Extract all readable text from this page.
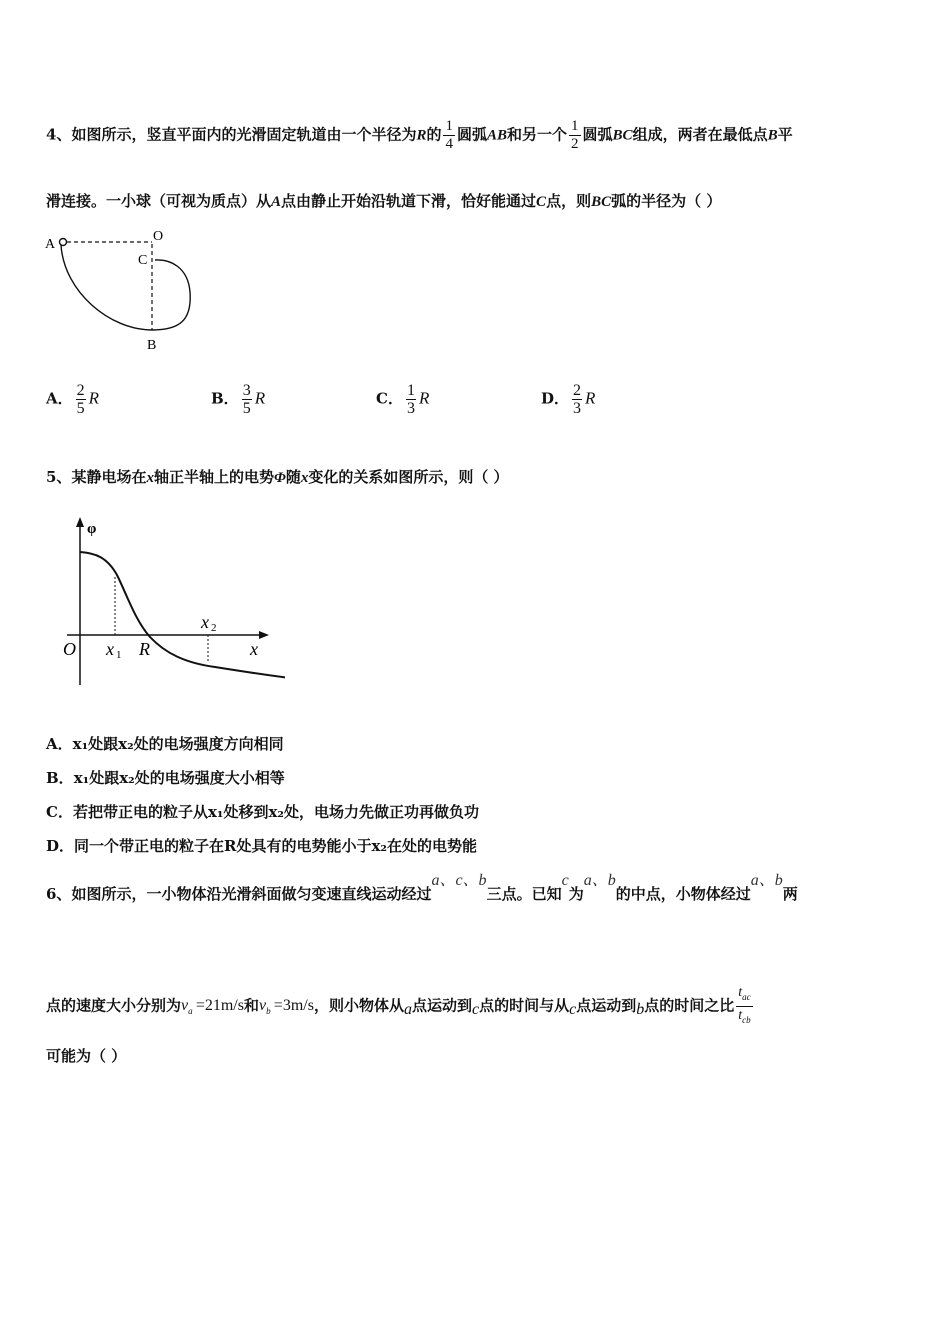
4、如图所示，竖直平面内的光滑固定轨道由一个半径为R的 $\frac{1}{4}$ 圆弧AB和另一个 $\frac{1}{2}$ 圆弧BC组成，两者在最低点B平
滑连接。一小球（可视为质点）从A点由静止开始沿轨道下滑，恰好能通过C点，则BC弧的半径为（ ）
A
O
C
B
A． $\frac{2}{5}$ R	B． $\frac{3}{5}$ R	C． $\frac{1}{3}$ R	D． $\frac{2}{3}$ R
5、某静电场在x轴正半轴上的电势Φ随x变化的关系如图所示，则（ ）
φ
O	x
x 1 R
x 2
A．x₁处跟x₂处的电场强度方向相同
B．x₁处跟x₂处的电场强度大小相等
C．若把带正电的粒子从x₁处移到x₂处，电场力先做正功再做负功
D．同一个带正电的粒子在R处具有的电势能小于x₂在处的电势能
6、如图所示，一小物体沿光滑斜面做匀变速直线运动经过a、c、b三点。已知c为a、b的中点，小物体经过a、b两
点的速度大小分别为$v_a =21m/s$和$v_b =3m/s$，则小物体从a点运动到c点的时间与从c点运动到b点的时间之比 $\frac{t_{ac}}{t_{cb}}$
可能为（ ）
